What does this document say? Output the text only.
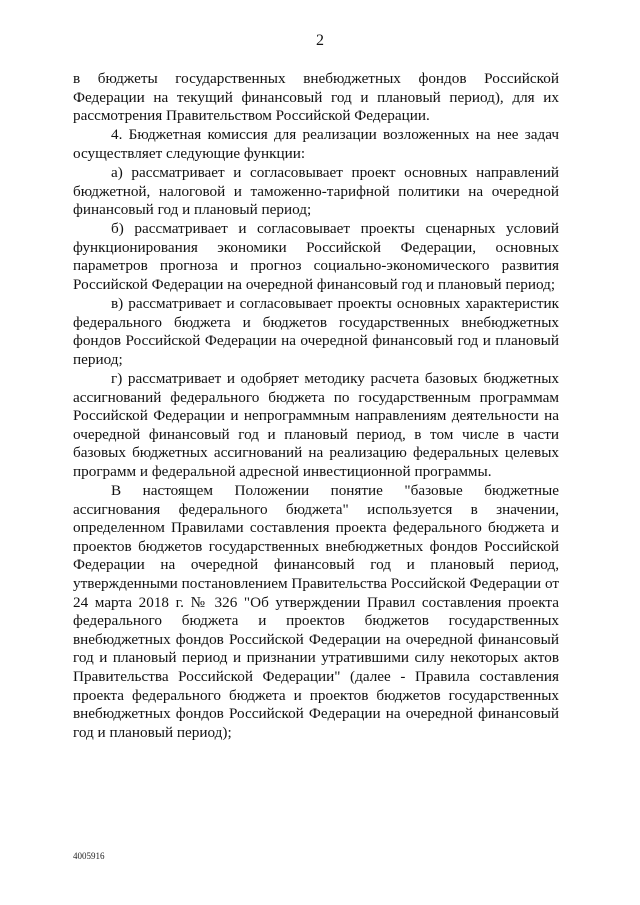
2

в бюджеты государственных внебюджетных фондов Российской Федерации на текущий финансовый год и плановый период), для их рассмотрения Правительством Российской Федерации.

4. Бюджетная комиссия для реализации возложенных на нее задач осуществляет следующие функции:

а) рассматривает и согласовывает проект основных направлений бюджетной, налоговой и таможенно-тарифной политики на очередной финансовый год и плановый период;

б) рассматривает и согласовывает проекты сценарных условий функционирования экономики Российской Федерации, основных параметров прогноза и прогноз социально-экономического развития Российской Федерации на очередной финансовый год и плановый период;

в) рассматривает и согласовывает проекты основных характеристик федерального бюджета и бюджетов государственных внебюджетных фондов Российской Федерации на очередной финансовый год и плановый период;

г) рассматривает и одобряет методику расчета базовых бюджетных ассигнований федерального бюджета по государственным программам Российской Федерации и непрограммным направлениям деятельности на очередной финансовый год и плановый период, в том числе в части базовых бюджетных ассигнований на реализацию федеральных целевых программ и федеральной адресной инвестиционной программы.

В настоящем Положении понятие "базовые бюджетные ассигнования федерального бюджета" используется в значении, определенном Правилами составления проекта федерального бюджета и проектов бюджетов государственных внебюджетных фондов Российской Федерации на очередной финансовый год и плановый период, утвержденными постановлением Правительства Российской Федерации от 24 марта 2018 г. № 326 "Об утверждении Правил составления проекта федерального бюджета и проектов бюджетов государственных внебюджетных фондов Российской Федерации на очередной финансовый год и плановый период и признании утратившими силу некоторых актов Правительства Российской Федерации" (далее - Правила составления проекта федерального бюджета и проектов бюджетов государственных внебюджетных фондов Российской Федерации на очередной финансовый год и плановый период);

4005916
